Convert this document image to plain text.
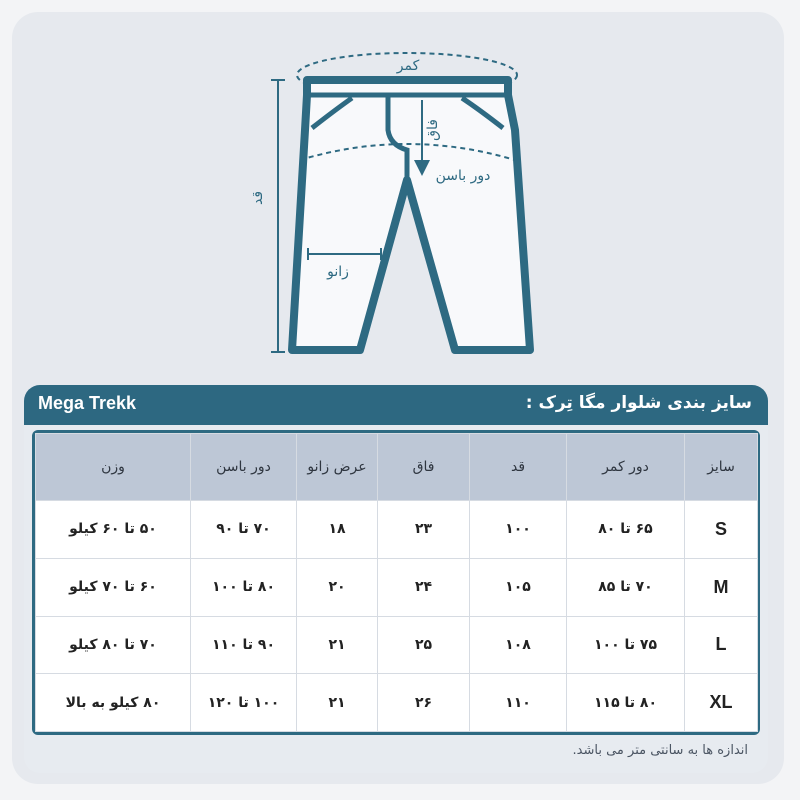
کمر
فاق
دور باسن
قد
زانو
Mega Trekk	سایز بندی شلوار مگا تِرک :
سایز	دور کمر	قد	فاق	عرض زانو	دور باسن	وزن
S	۶۵ تا ۸۰	۱۰۰	۲۳	۱۸	۷۰ تا ۹۰	۵۰ تا ۶۰ کیلو
M	۷۰ تا ۸۵	۱۰۵	۲۴	۲۰	۸۰ تا ۱۰۰	۶۰ تا ۷۰ کیلو
L	۷۵ تا ۱۰۰	۱۰۸	۲۵	۲۱	۹۰ تا ۱۱۰	۷۰ تا ۸۰ کیلو
XL	۸۰ تا ۱۱۵	۱۱۰	۲۶	۲۱	۱۰۰ تا ۱۲۰	۸۰ کیلو به بالا
اندازه ها به سانتی متر می باشد.
